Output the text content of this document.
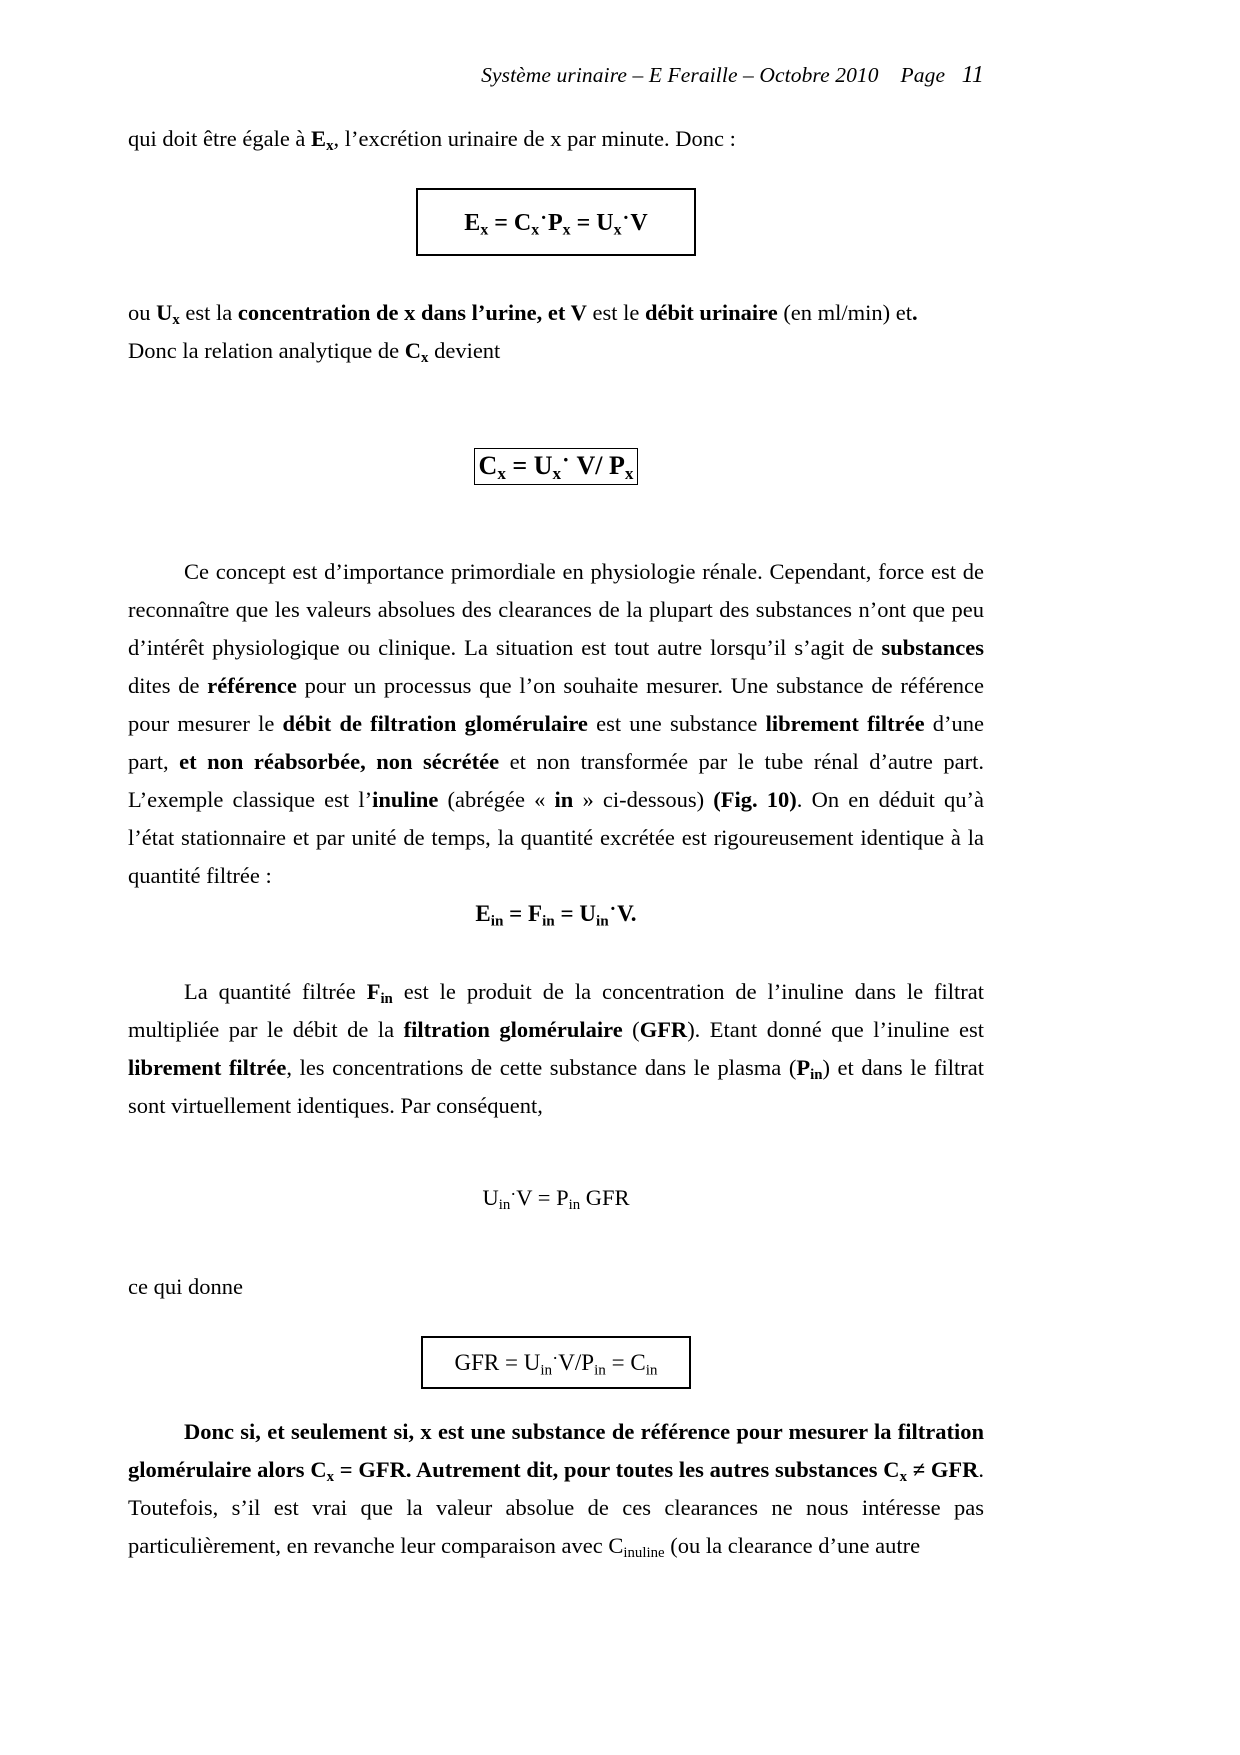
Système urinaire – E Feraille – Octobre 2010 Page 11

qui doit être égale à $E_x$, l’excrétion urinaire de x par minute. Donc :

$E_x = C_x^\cdot P_x = U_x^\cdot V$

ou $U_x$ est la concentration de x dans l’urine, et V est le débit urinaire (en ml/min) et.

Donc la relation analytique de $C_x$ devient

$C_x = U_x\cdot V/$ $P_x$

Ce concept est d’importance primordiale en physiologie rénale. Cependant, force est de reconnaître que les valeurs absolues des clearances de la plupart des substances n’ont que peu d’intérêt physiologique ou clinique. La situation est tout autre lorsqu’il s’agit de substances dites de référence pour un processus que l’on souhaite mesurer. Une substance de référence pour mesurer le débit de filtration glomérulaire est une substance librement filtrée d’une part, et non réabsorbée, non sécrétée et non transformée par le tube rénal d’autre part. L’exemple classique est l’inuline (abrégée « in » ci-dessous) (Fig. 10). On en déduit qu’à l’état stationnaire et par unité de temps, la quantité excrétée est rigoureusement identique à la quantité filtrée :

$E_{in} = F_{in} = U_{in}^\cdot V$.

La quantité filtrée $F_{in}$ est le produit de la concentration de l’inuline dans le filtrat multipliée par le débit de la filtration glomérulaire (GFR). Etant donné que l’inuline est librement filtrée, les concentrations de cette substance dans le plasma $(P_{in})$ et dans le filtrat sont virtuellement identiques. Par conséquent,

$U_{in}^\cdot V = P_{in}$ GFR

ce qui donne

GFR = $U_{in}^\cdot V/P_{in} = C_{in}$

Donc si, et seulement si, x est une substance de référence pour mesurer la filtration glomérulaire alors $C_x$ = GFR. Autrement dit, pour toutes les autres substances $C_x$ ≠ GFR. Toutefois, s’il est vrai que la valeur absolue de ces clearances ne nous intéresse pas particulièrement, en revanche leur comparaison avec $C_{inuline}$ (ou la clearance d’une autre
